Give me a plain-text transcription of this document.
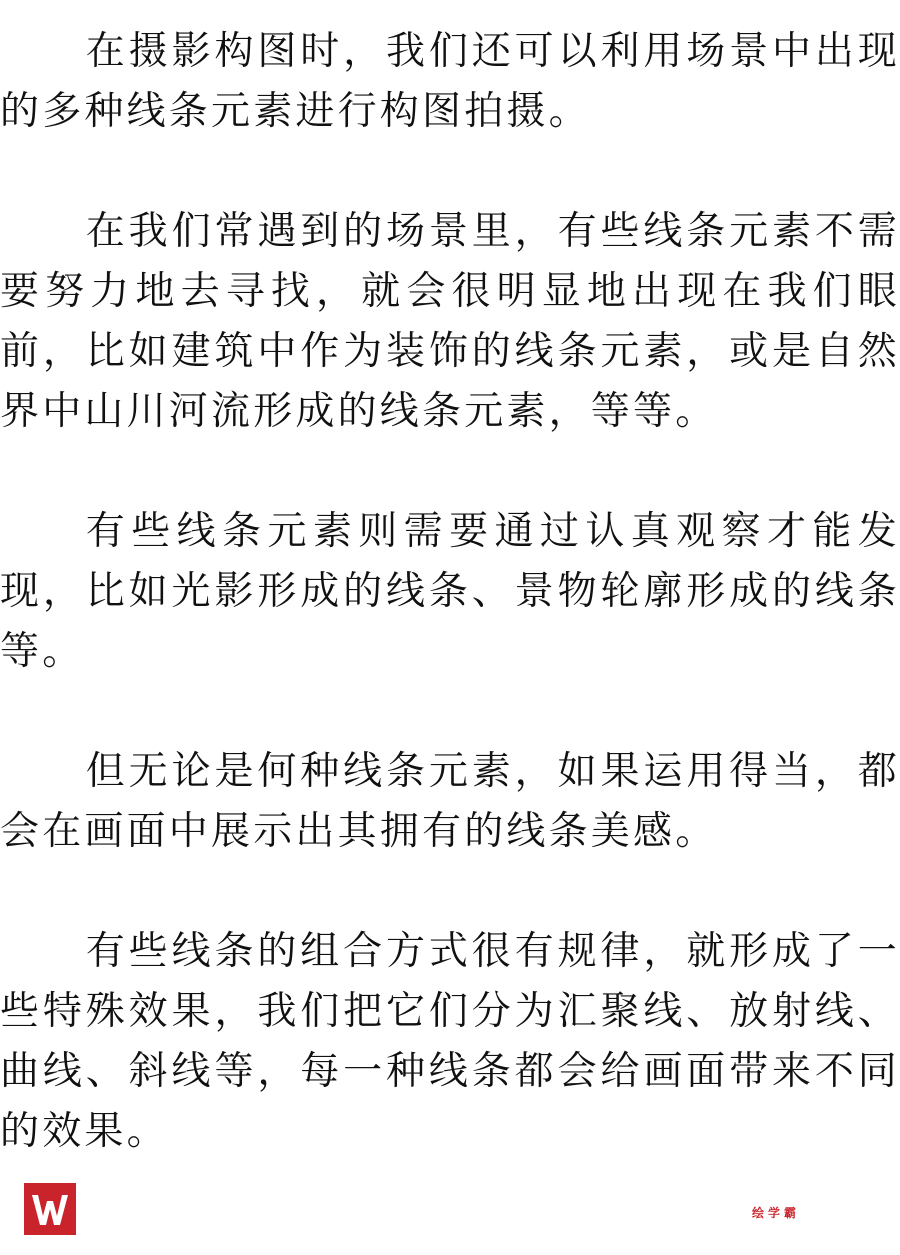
在摄影构图时，我们还可以利用场景中出现的多种线条元素进行构图拍摄。

在我们常遇到的场景里，有些线条元素不需要努力地去寻找，就会很明显地出现在我们眼前，比如建筑中作为装饰的线条元素，或是自然界中山川河流形成的线条元素，等等。

有些线条元素则需要通过认真观察才能发现，比如光影形成的线条、景物轮廓形成的线条等。

但无论是何种线条元素，如果运用得当，都会在画面中展示出其拥有的线条美感。

有些线条的组合方式很有规律，就形成了一些特殊效果，我们把它们分为汇聚线、放射线、曲线、斜线等，每一种线条都会给画面带来不同的效果。

绘学霸
